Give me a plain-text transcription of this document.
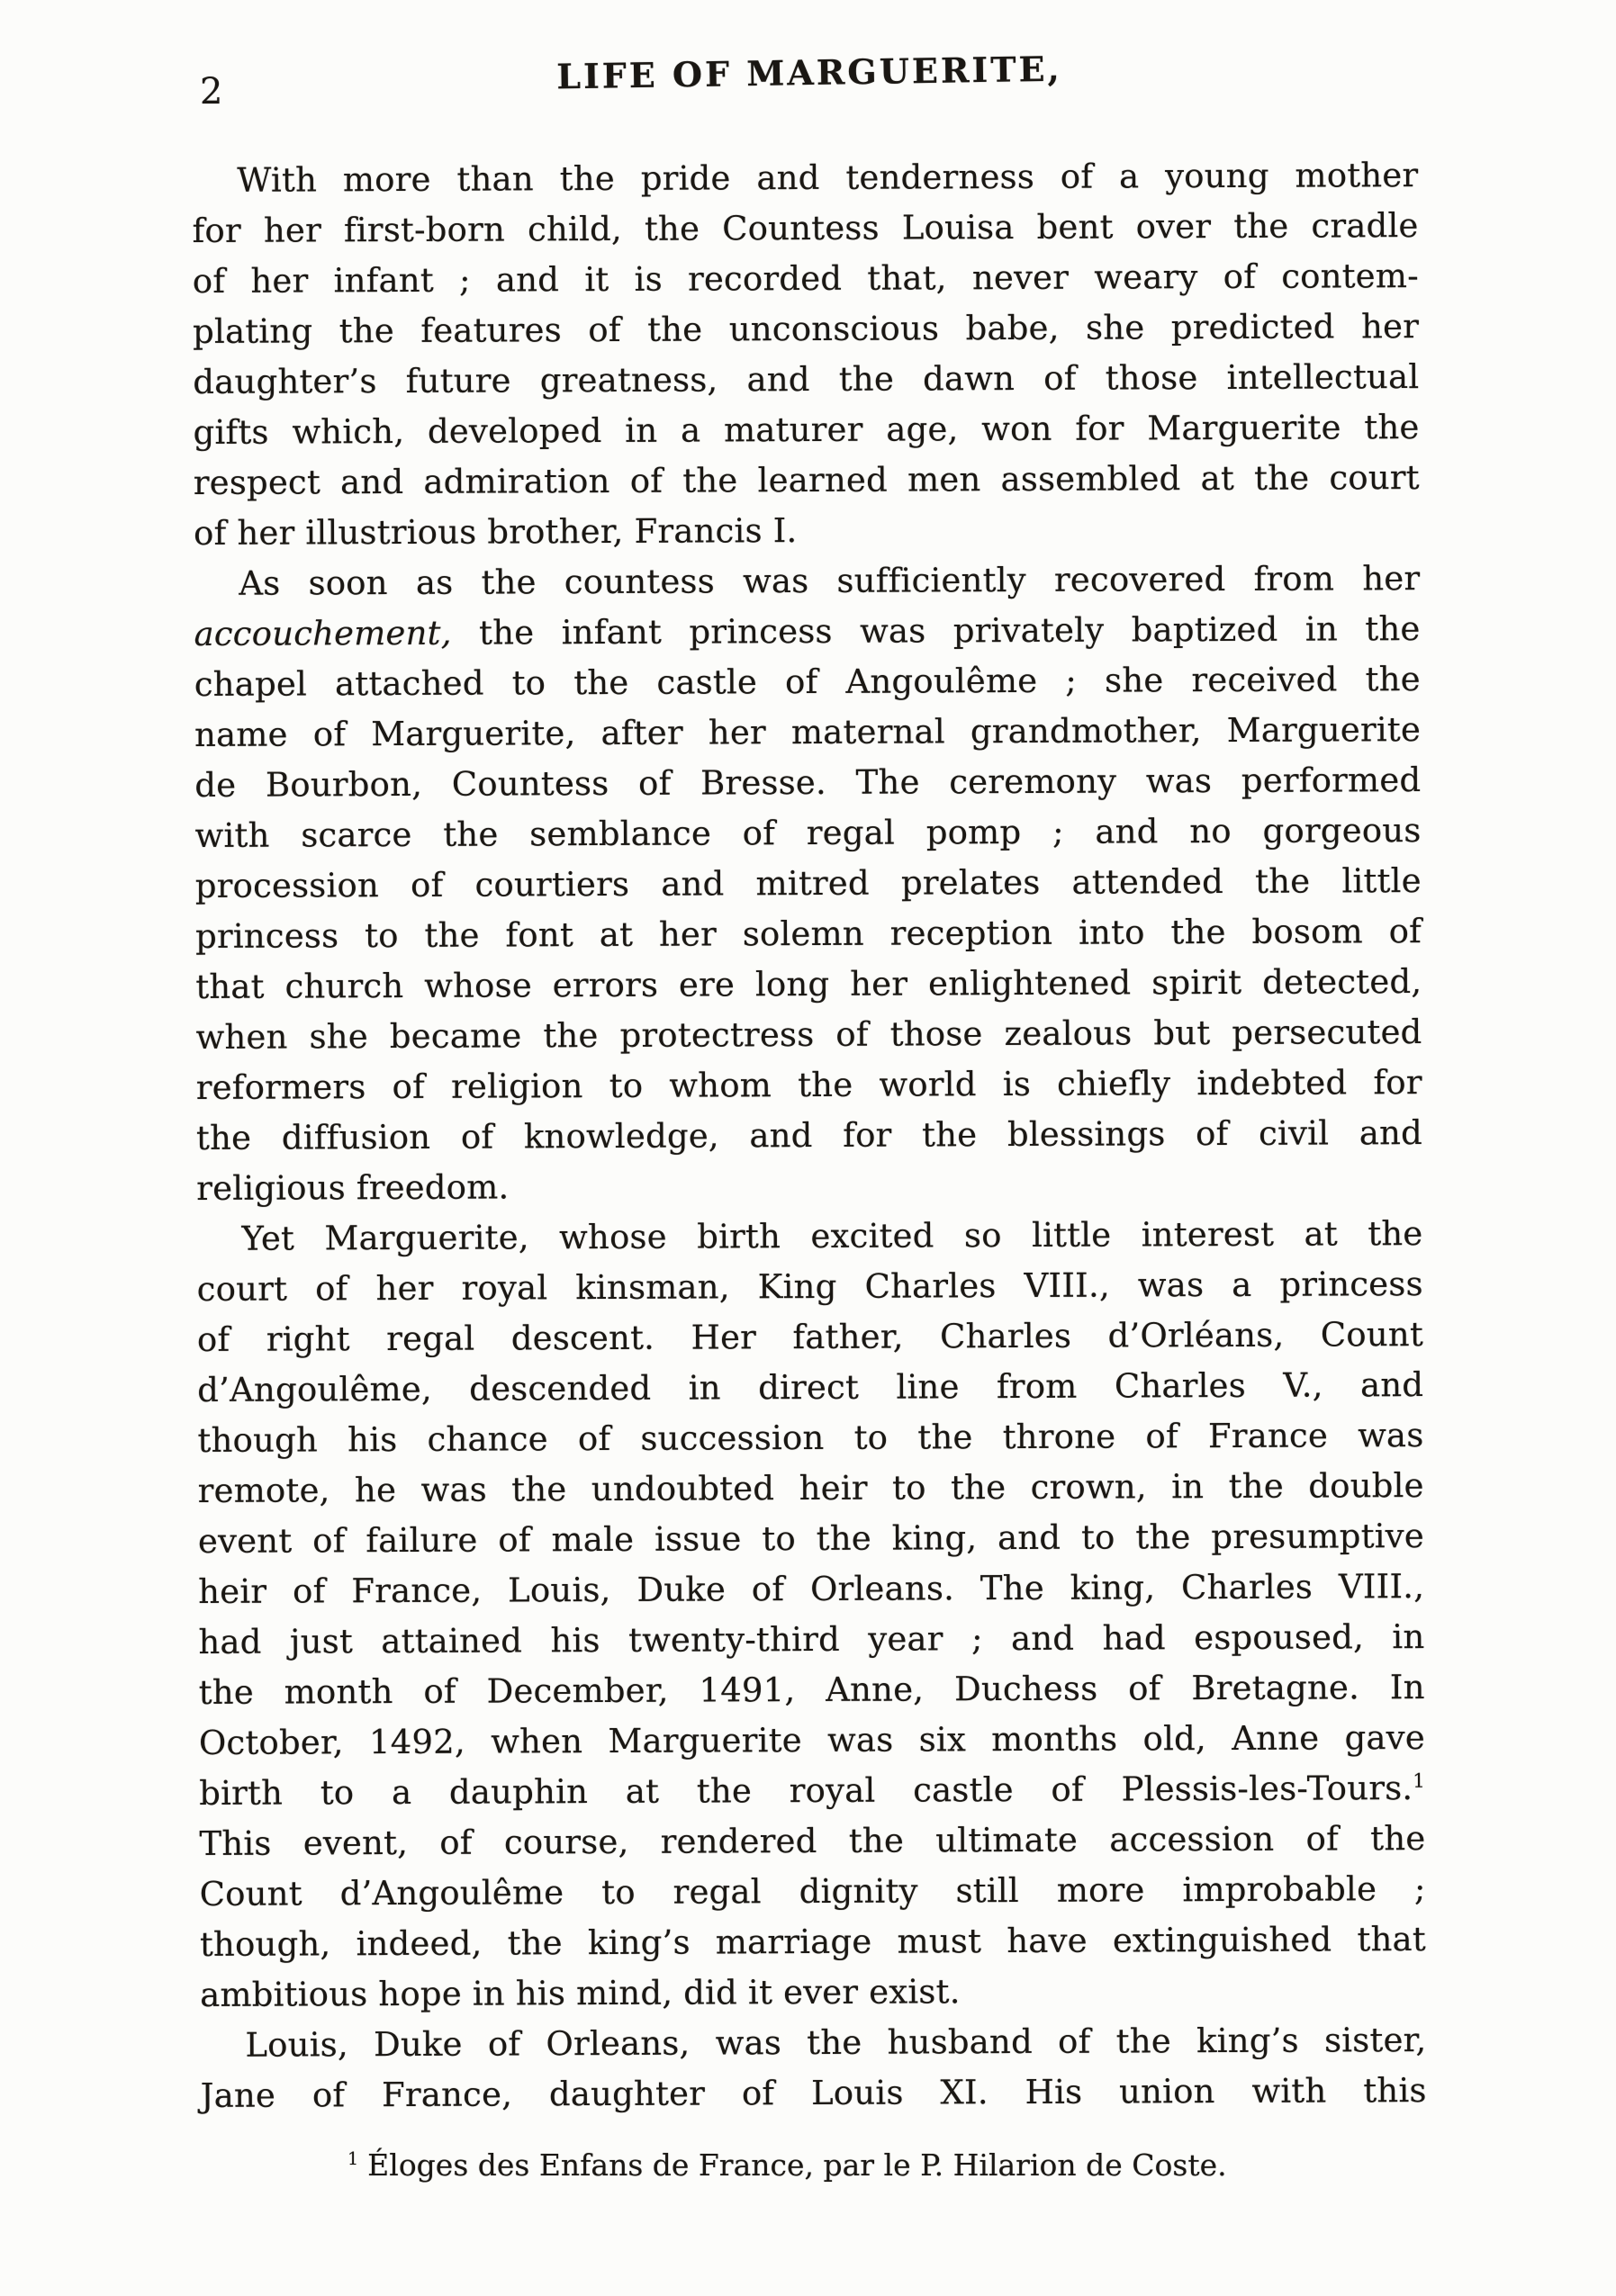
2	LIFE OF MARGUERITE,
With more than the pride and tenderness of a young mother
for her first-born child, the Countess Louisa bent over the cradle
of her infant ; and it is recorded that, never weary of contem-
plating the features of the unconscious babe, she predicted her
daughter’s future greatness, and the dawn of those intellectual
gifts which, developed in a maturer age, won for Marguerite the
respect and admiration of the learned men assembled at the court
of her illustrious brother, Francis I.
As soon as the countess was sufficiently recovered from her
accouchement, the infant princess was privately baptized in the
chapel attached to the castle of Angoulême ; she received the
name of Marguerite, after her maternal grandmother, Marguerite
de Bourbon, Countess of Bresse. The ceremony was performed
with scarce the semblance of regal pomp ; and no gorgeous
procession of courtiers and mitred prelates attended the little
princess to the font at her solemn reception into the bosom of
that church whose errors ere long her enlightened spirit detected,
when she became the protectress of those zealous but persecuted
reformers of religion to whom the world is chiefly indebted for
the diffusion of knowledge, and for the blessings of civil and
religious freedom.
Yet Marguerite, whose birth excited so little interest at the
court of her royal kinsman, King Charles VIII., was a princess
of right regal descent. Her father, Charles d’Orléans, Count
d’Angoulême, descended in direct line from Charles V., and
though his chance of succession to the throne of France was
remote, he was the undoubted heir to the crown, in the double
event of failure of male issue to the king, and to the presumptive
heir of France, Louis, Duke of Orleans. The king, Charles VIII.,
had just attained his twenty-third year ; and had espoused, in
the month of December, 1491, Anne, Duchess of Bretagne. In
October, 1492, when Marguerite was six months old, Anne gave
birth to a dauphin at the royal castle of Plessis-les-Tours.$^1$
This event, of course, rendered the ultimate accession of the
Count d’Angoulême to regal dignity still more improbable ;
though, indeed, the king’s marriage must have extinguished that
ambitious hope in his mind, did it ever exist.
Louis, Duke of Orleans, was the husband of the king’s sister,
Jane of France, daughter of Louis XI. His union with this
$^1$ Éloges des Enfans de France, par le P. Hilarion de Coste.
